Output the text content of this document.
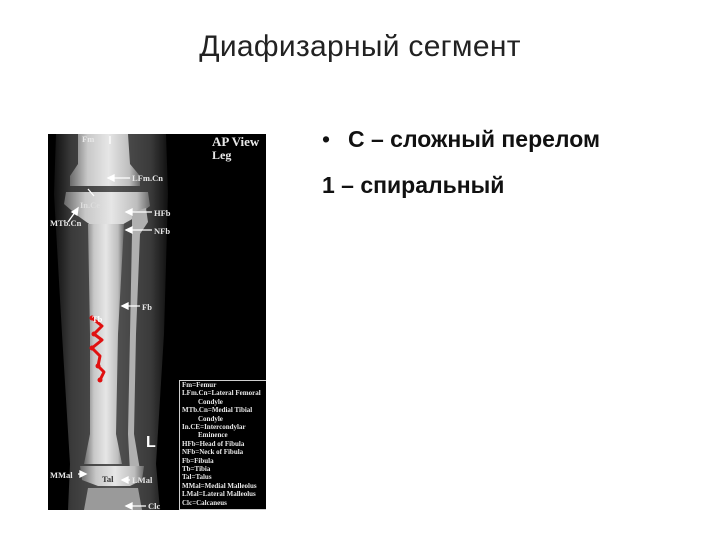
Диафизарный сегмент
• С – сложный перелом
1 – спиральный
AP View
Leg
Fm
LFm.Cn
MTb.Cn
In.Ce
HFb
NFb
Fb
Tb
MMal	Tal LMal
Clc
L
Fm=Femur
LFm.Cn=Lateral Femoral
Condyle
MTb.Cn=Medial Tibial
Condyle
In.CE=Intercondylar
Eminence
HFb=Head of Fibula
NFb=Neck of Fibula
Fb=Fibula
Tb=Tibia
Tal=Talus
MMal=Medial Malleolus
LMal=Lateral Malleolus
Clc=Calcaneus
